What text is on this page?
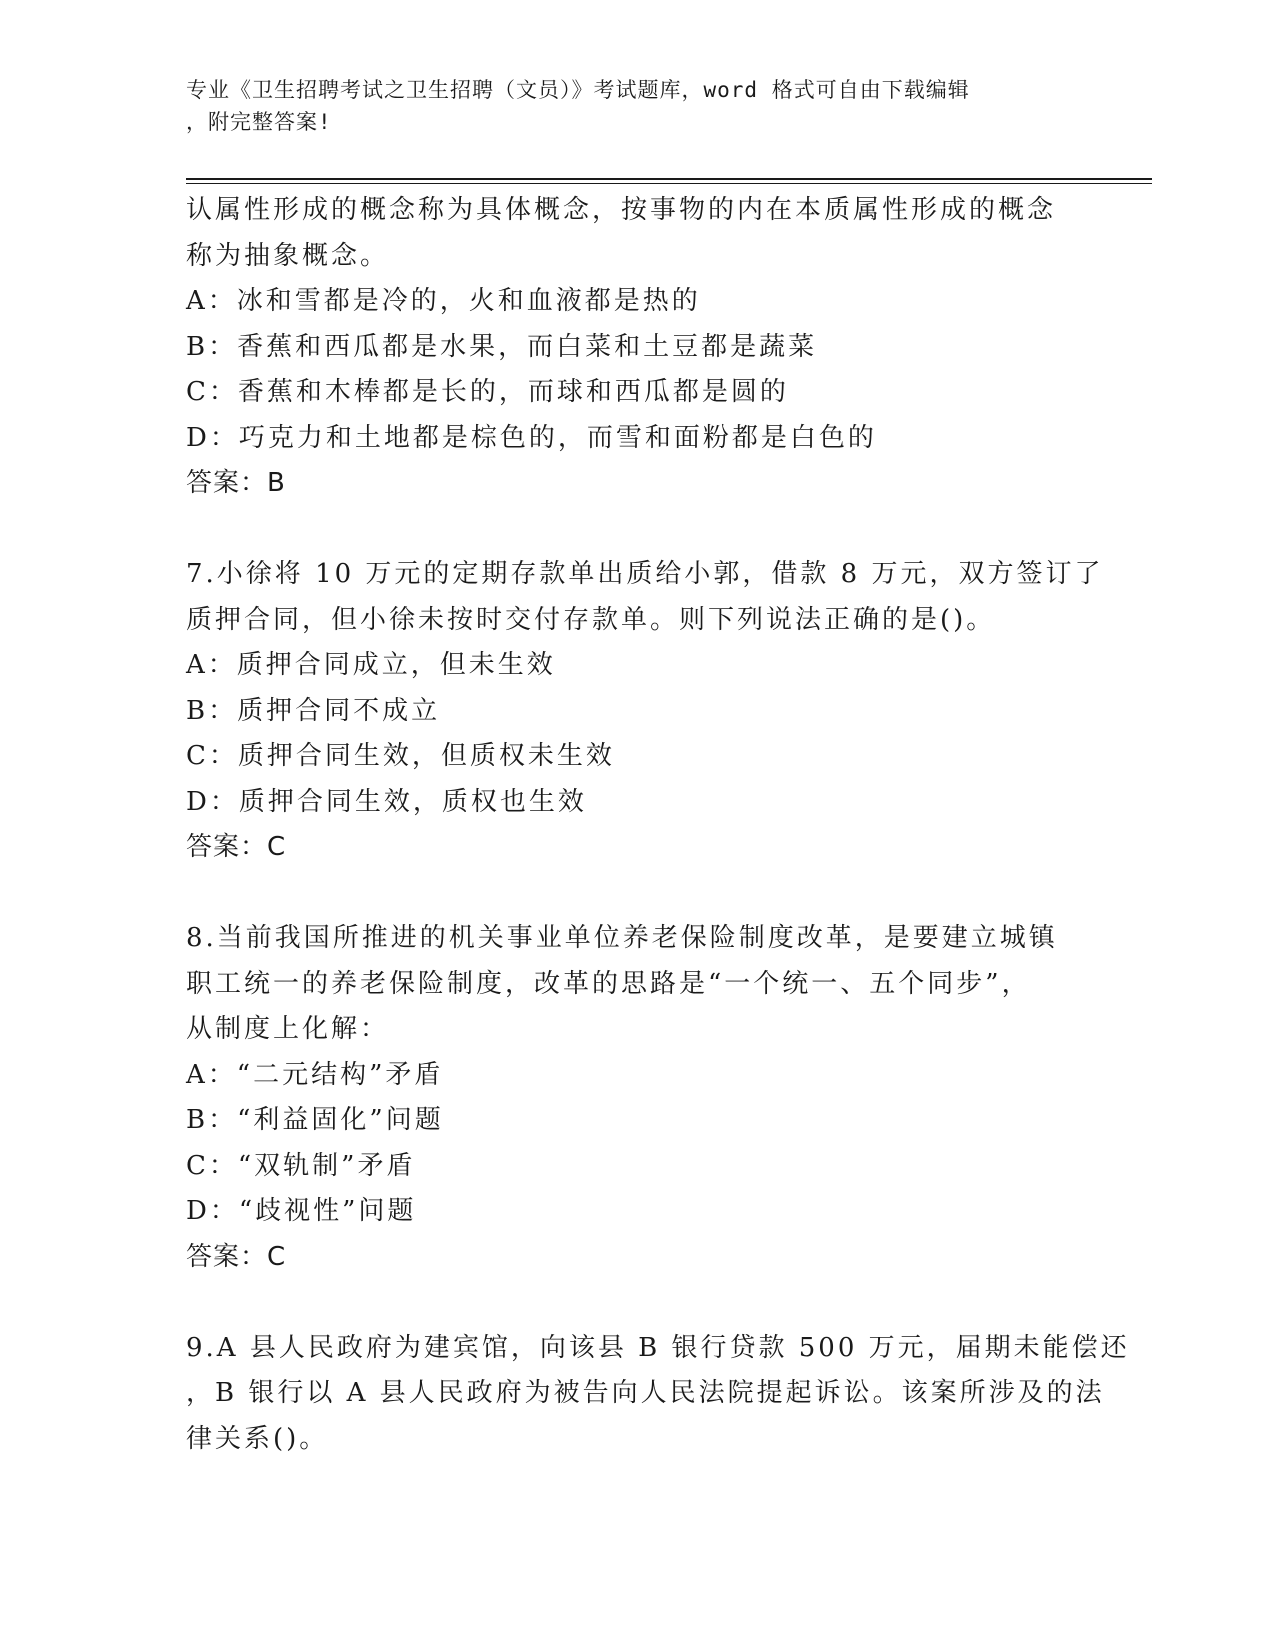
专业《卫生招聘考试之卫生招聘（文员）》考试题库，word 格式可自由下载编辑
，附完整答案!
认属性形成的概念称为具体概念，按事物的内在本质属性形成的概念
称为抽象概念。
A：冰和雪都是冷的，火和血液都是热的
B：香蕉和西瓜都是水果，而白菜和土豆都是蔬菜
C：香蕉和木棒都是长的，而球和西瓜都是圆的
D：巧克力和土地都是棕色的，而雪和面粉都是白色的
答案：B
7.小徐将 10 万元的定期存款单出质给小郭，借款 8 万元，双方签订了
质押合同，但小徐未按时交付存款单。则下列说法正确的是()。
A：质押合同成立，但未生效
B：质押合同不成立
C：质押合同生效，但质权未生效
D：质押合同生效，质权也生效
答案：C
8.当前我国所推进的机关事业单位养老保险制度改革，是要建立城镇
职工统一的养老保险制度，改革的思路是“一个统一、五个同步”，
从制度上化解：
A：“二元结构”矛盾
B：“利益固化”问题
C：“双轨制”矛盾
D：“歧视性”问题
答案：C
9.A 县人民政府为建宾馆，向该县 B 银行贷款 500 万元，届期未能偿还
，B 银行以 A 县人民政府为被告向人民法院提起诉讼。该案所涉及的法
律关系()。
